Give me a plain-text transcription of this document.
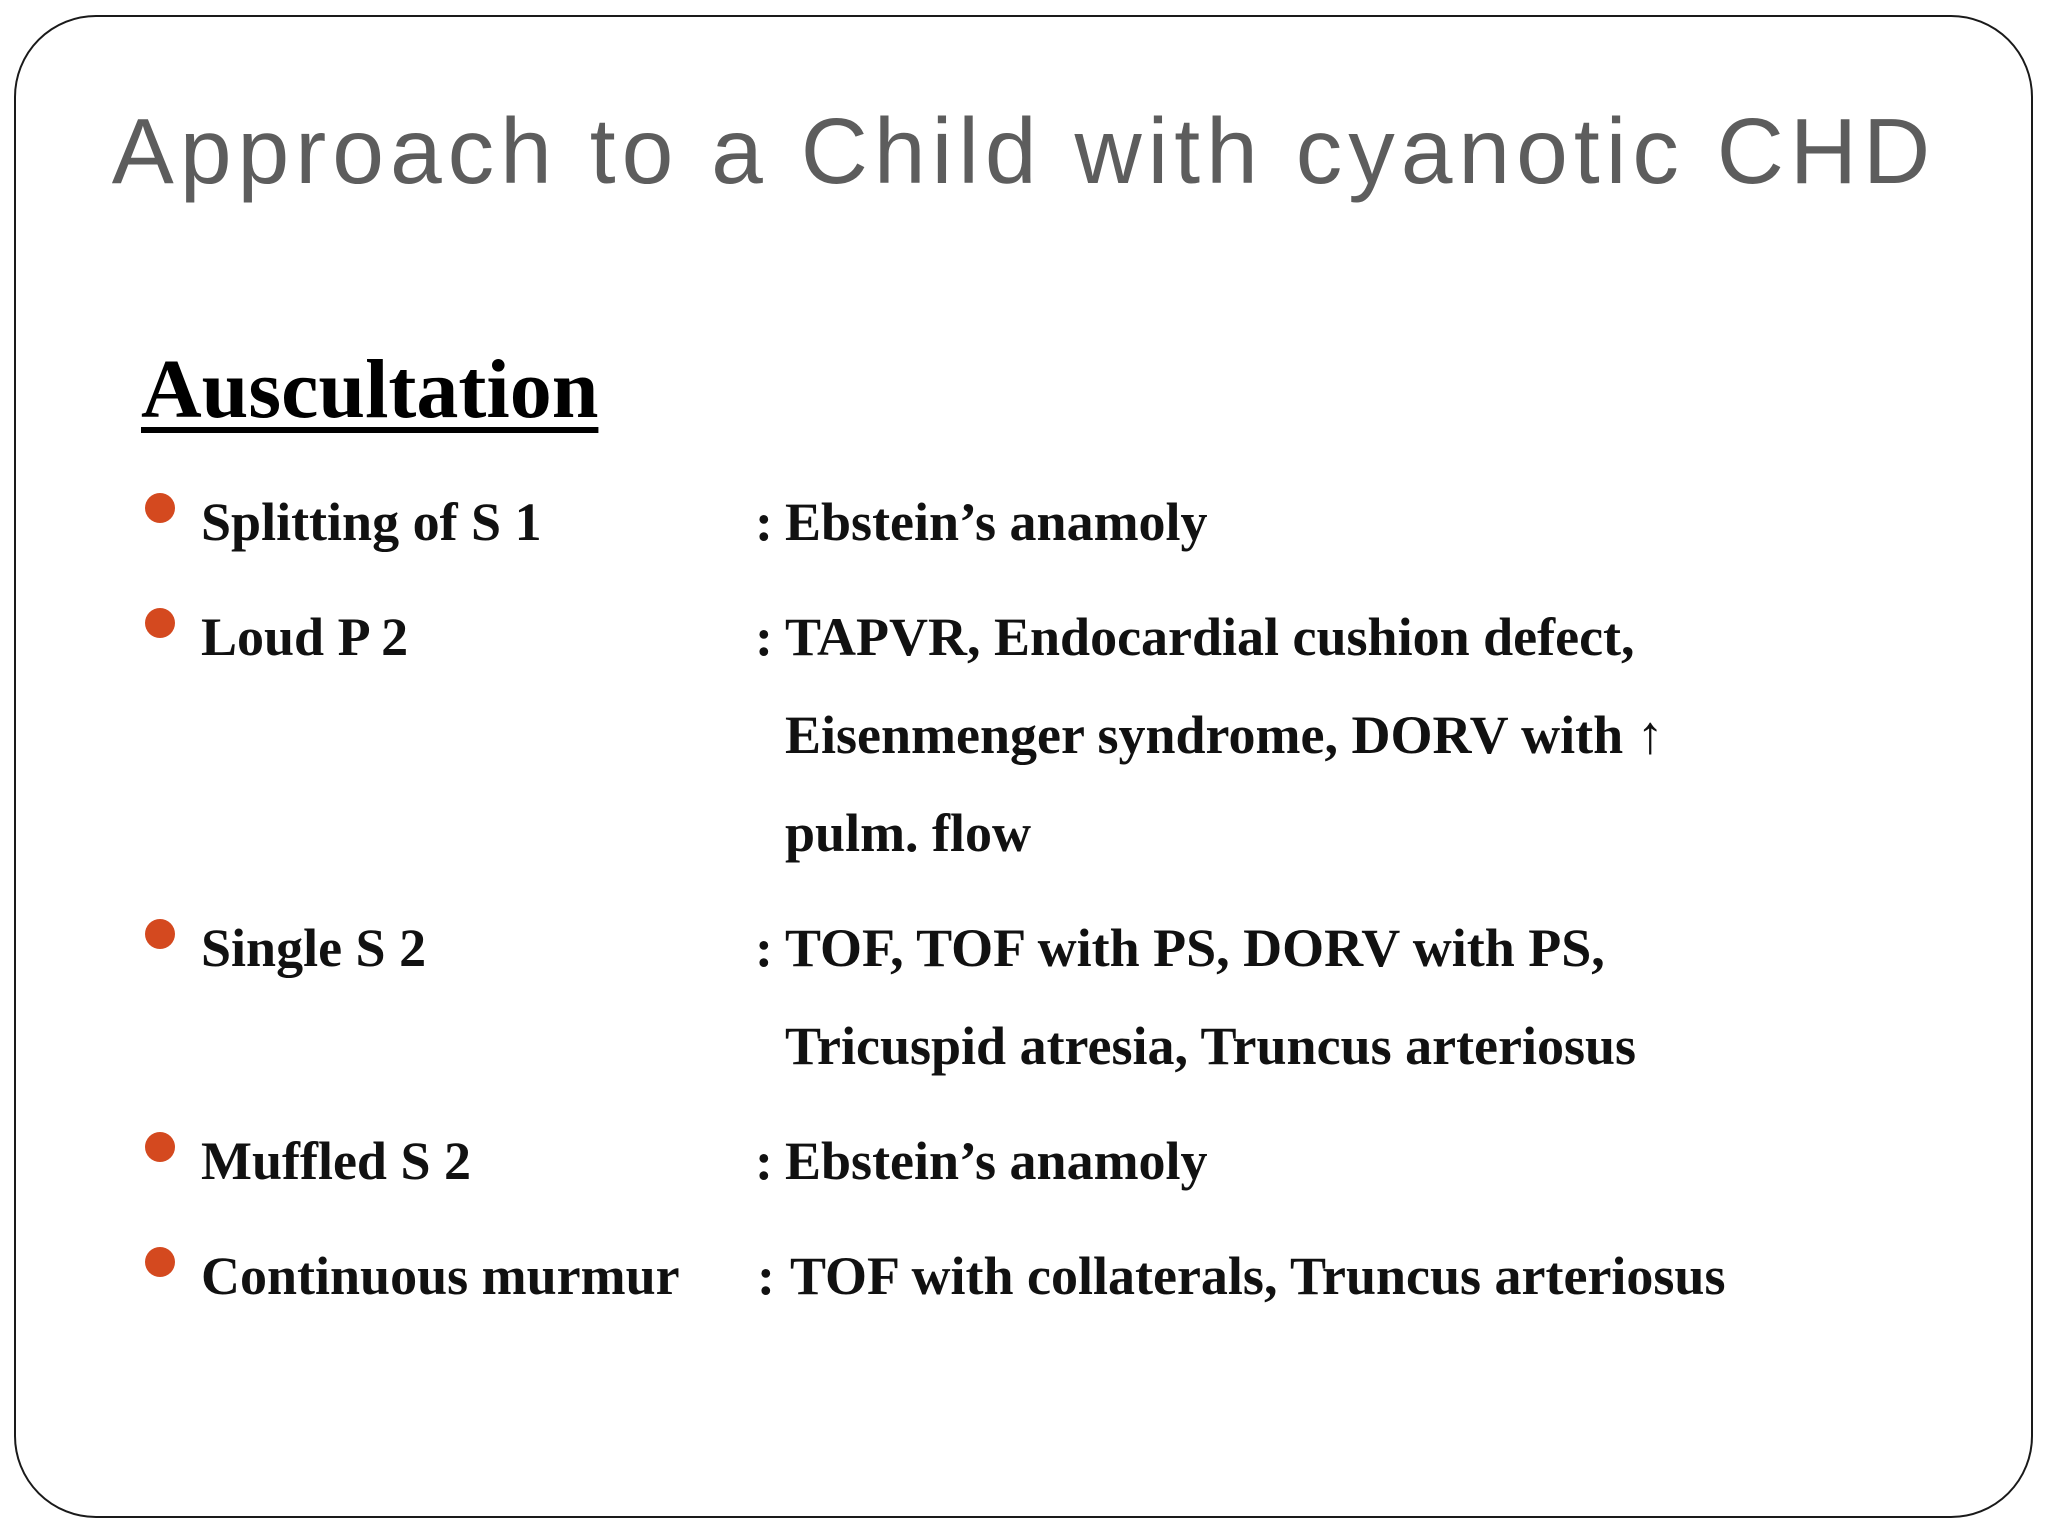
Approach to a Child with cyanotic CHD
Auscultation
Splitting of S 1	: Ebstein’s anamoly
Loud P 2	: TAPVR, Endocardial cushion defect,
Eisenmenger syndrome, DORV with ↑
pulm. flow
Single S 2	: TOF, TOF with PS, DORV with PS,
Tricuspid atresia, Truncus arteriosus
Muffled S 2	: Ebstein’s anamoly
Continuous murmur : TOF with collaterals, Truncus arteriosus
